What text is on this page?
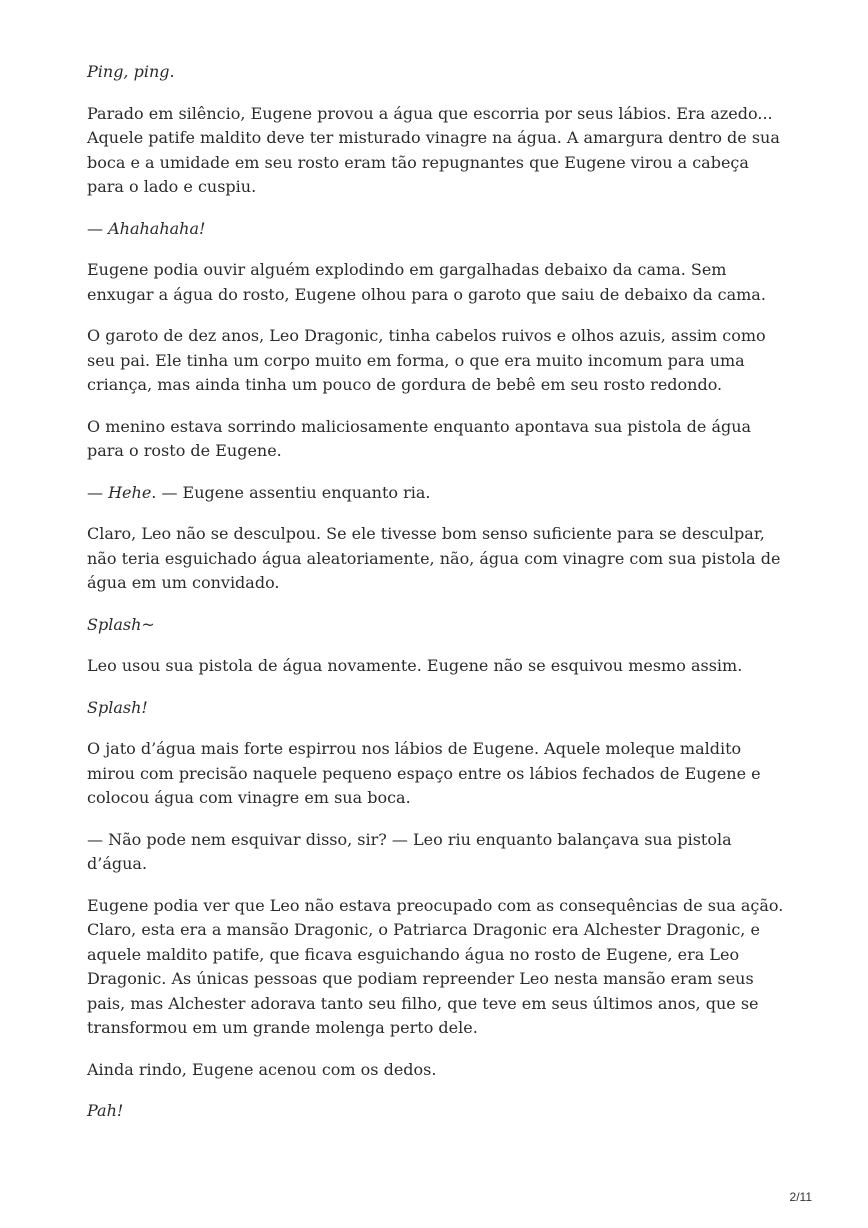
Ping, ping.

Parado em silêncio, Eugene provou a água que escorria por seus lábios. Era azedo... Aquele patife maldito deve ter misturado vinagre na água. A amargura dentro de sua boca e a umidade em seu rosto eram tão repugnantes que Eugene virou a cabeça para o lado e cuspiu.

— Ahahahaha!

Eugene podia ouvir alguém explodindo em gargalhadas debaixo da cama. Sem enxugar a água do rosto, Eugene olhou para o garoto que saiu de debaixo da cama.

O garoto de dez anos, Leo Dragonic, tinha cabelos ruivos e olhos azuis, assim como seu pai. Ele tinha um corpo muito em forma, o que era muito incomum para uma criança, mas ainda tinha um pouco de gordura de bebê em seu rosto redondo.

O menino estava sorrindo maliciosamente enquanto apontava sua pistola de água para o rosto de Eugene.

— Hehe. — Eugene assentiu enquanto ria.

Claro, Leo não se desculpou. Se ele tivesse bom senso suficiente para se desculpar, não teria esguichado água aleatoriamente, não, água com vinagre com sua pistola de água em um convidado.

Splash~

Leo usou sua pistola de água novamente. Eugene não se esquivou mesmo assim.

Splash!

O jato d’água mais forte espirrou nos lábios de Eugene. Aquele moleque maldito mirou com precisão naquele pequeno espaço entre os lábios fechados de Eugene e colocou água com vinagre em sua boca.

— Não pode nem esquivar disso, sir? — Leo riu enquanto balançava sua pistola d’água.

Eugene podia ver que Leo não estava preocupado com as consequências de sua ação. Claro, esta era a mansão Dragonic, o Patriarca Dragonic era Alchester Dragonic, e aquele maldito patife, que ficava esguichando água no rosto de Eugene, era Leo Dragonic. As únicas pessoas que podiam repreender Leo nesta mansão eram seus pais, mas Alchester adorava tanto seu filho, que teve em seus últimos anos, que se transformou em um grande molenga perto dele.

Ainda rindo, Eugene acenou com os dedos.

Pah!

2/11
